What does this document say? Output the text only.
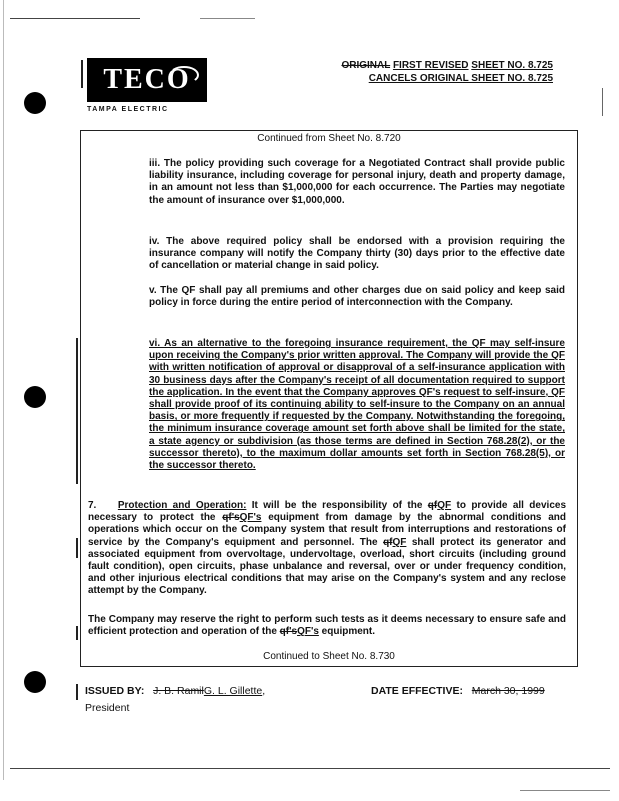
TECO
TAMPA ELECTRIC
ORIGINAL FIRST REVISED SHEET NO. 8.725
CANCELS ORIGINAL SHEET NO. 8.725
Continued from Sheet No. 8.720
iii. The policy providing such coverage for a Negotiated Contract shall provide public liability insurance, including coverage for personal injury, death and property damage, in an amount not less than $1,000,000 for each occurrence. The Parties may negotiate the amount of insurance over $1,000,000.
iv. The above required policy shall be endorsed with a provision requiring the insurance company will notify the Company thirty (30) days prior to the effective date of cancellation or material change in said policy.
v. The QF shall pay all premiums and other charges due on said policy and keep said policy in force during the entire period of interconnection with the Company.
vi. As an alternative to the foregoing insurance requirement, the QF may self-insure upon receiving the Company's prior written approval. The Company will provide the QF with written notification of approval or disapproval of a self-insurance application with 30 business days after the Company's receipt of all documentation required to support the application. In the event that the Company approves QF's request to self-insure, QF shall provide proof of its continuing ability to self-insure to the Company on an annual basis, or more frequently if requested by the Company. Notwithstanding the foregoing, the minimum insurance coverage amount set forth above shall be limited for the state, a state agency or subdivision (as those terms are defined in Section 768.28(2), or the successor thereto), to the maximum dollar amounts set forth in Section 768.28(5), or the successor thereto.
7. Protection and Operation: It will be the responsibility of the qfQF to provide all devices necessary to protect the qf'sQF's equipment from damage by the abnormal conditions and operations which occur on the Company system that result from interruptions and restorations of service by the Company's equipment and personnel. The qfQF shall protect its generator and associated equipment from overvoltage, undervoltage, overload, short circuits (including ground fault condition), open circuits, phase unbalance and reversal, over or under frequency condition, and other injurious electrical conditions that may arise on the Company's system and any reclose attempt by the Company.
The Company may reserve the right to perform such tests as it deems necessary to ensure safe and efficient protection and operation of the qf'sQF's equipment.
Continued to Sheet No. 8.730
ISSUED BY: J. B. RamilG. L. Gillette,
President
DATE EFFECTIVE: March 30, 1999
